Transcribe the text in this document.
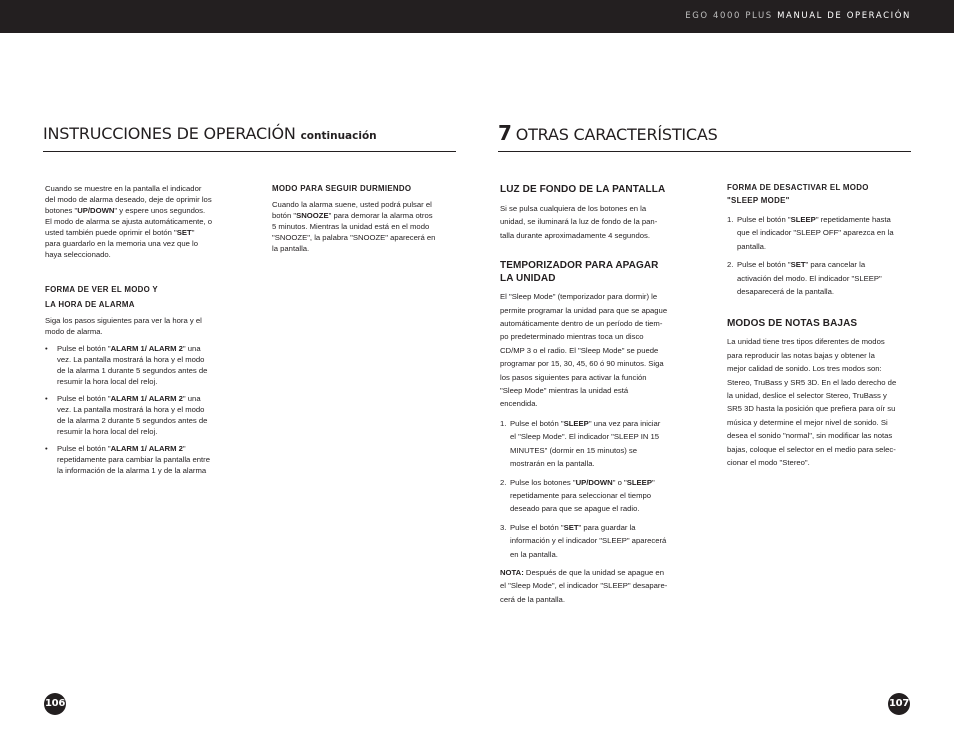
EGO 4000 PLUS MANUAL DE OPERACIÓN
INSTRUCCIONES DE OPERACIÓN continuación
Cuando se muestre en la pantalla el indicador
del modo de alarma deseado, deje de oprimir los
botones "UP/DOWN" y espere unos segundos.
El modo de alarma se ajusta automáticamente, o
usted también puede oprimir el botón "SET"
para guardarlo en la memoria una vez que lo
haya seleccionado.
FORMA DE VER EL MODO Y
LA HORA DE ALARMA
Siga los pasos siguientes para ver la hora y el
modo de alarma.
• Pulse el botón "ALARM 1/ ALARM 2" una
vez. La pantalla mostrará la hora y el modo
de la alarma 1 durante 5 segundos antes de
resumir la hora local del reloj.
• Pulse el botón "ALARM 1/ ALARM 2" una
vez. La pantalla mostrará la hora y el modo
de la alarma 2 durante 5 segundos antes de
resumir la hora local del reloj.
• Pulse el botón "ALARM 1/ ALARM 2"
repetidamente para cambiar la pantalla entre
la información de la alarma 1 y de la alarma
MODO PARA SEGUIR DURMIENDO
Cuando la alarma suene, usted podrá pulsar el
botón "SNOOZE" para demorar la alarma otros
5 minutos. Mientras la unidad está en el modo
"SNOOZE", la palabra "SNOOZE" aparecerá en
la pantalla.
106
7 OTRAS CARACTERÍSTICAS
LUZ DE FONDO DE LA PANTALLA
Si se pulsa cualquiera de los botones en la
unidad, se iluminará la luz de fondo de la pan-
talla durante aproximadamente 4 segundos.
TEMPORIZADOR PARA APAGAR
LA UNIDAD
El "Sleep Mode" (temporizador para dormir) le
permite programar la unidad para que se apague
automáticamente dentro de un período de tiem-
po predeterminado mientras toca un disco
CD/MP 3 o el radio. El "Sleep Mode" se puede
programar por 15, 30, 45, 60 ó 90 minutos. Siga
los pasos siguientes para activar la función
"Sleep Mode" mientras la unidad está
encendida.
1. Pulse el botón "SLEEP" una vez para iniciar
el "Sleep Mode". El indicador "SLEEP IN 15
MINUTES" (dormir en 15 minutos) se
mostrarán en la pantalla.
2. Pulse los botones "UP/DOWN" o "SLEEP"
repetidamente para seleccionar el tiempo
deseado para que se apague el radio.
3. Pulse el botón "SET" para guardar la
información y el indicador "SLEEP" aparecerá
en la pantalla.
NOTA: Después de que la unidad se apague en
el "Sleep Mode", el indicador "SLEEP" desapare-
cerá de la pantalla.
FORMA DE DESACTIVAR EL MODO
"SLEEP MODE"
1. Pulse el botón "SLEEP" repetidamente hasta
que el indicador "SLEEP OFF" aparezca en la
pantalla.
2. Pulse el botón "SET" para cancelar la
activación del modo. El indicador "SLEEP"
desaparecerá de la pantalla.
MODOS DE NOTAS BAJAS
La unidad tiene tres tipos diferentes de modos
para reproducir las notas bajas y obtener la
mejor calidad de sonido. Los tres modos son:
Stereo, TruBass y SR5 3D. En el lado derecho de
la unidad, deslice el selector Stereo, TruBass y
SR5 3D hasta la posición que prefiera para oír su
música y determine el mejor nivel de sonido. Si
desea el sonido "normal", sin modificar las notas
bajas, coloque el selector en el medio para selec-
cionar el modo "Stereo".
107
